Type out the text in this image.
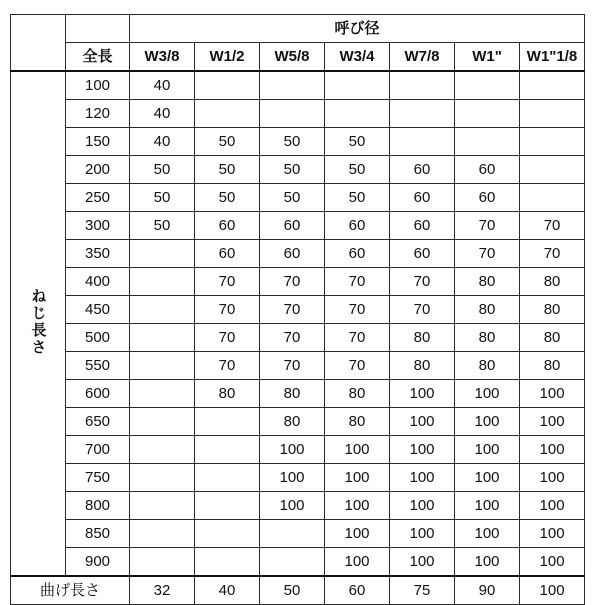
		呼び径						
	全長	W3/8	W1/2	W5/8	W3/4	W7/8	W1"	W1"1/8
ねじ長さ	100	40						
	120	40						
	150	40	50	50	50			
	200	50	50	50	50	60	60	
	250	50	50	50	50	60	60	
	300	50	60	60	60	60	70	70
	350		60	60	60	60	70	70
	400		70	70	70	70	80	80
	450		70	70	70	70	80	80
	500		70	70	70	80	80	80
	550		70	70	70	80	80	80
	600		80	80	80	100	100	100
	650			80	80	100	100	100
	700			100	100	100	100	100
	750			100	100	100	100	100
	800			100	100	100	100	100
	850				100	100	100	100
	900				100	100	100	100
曲げ長さ		32	40	50	60	75	90	100
